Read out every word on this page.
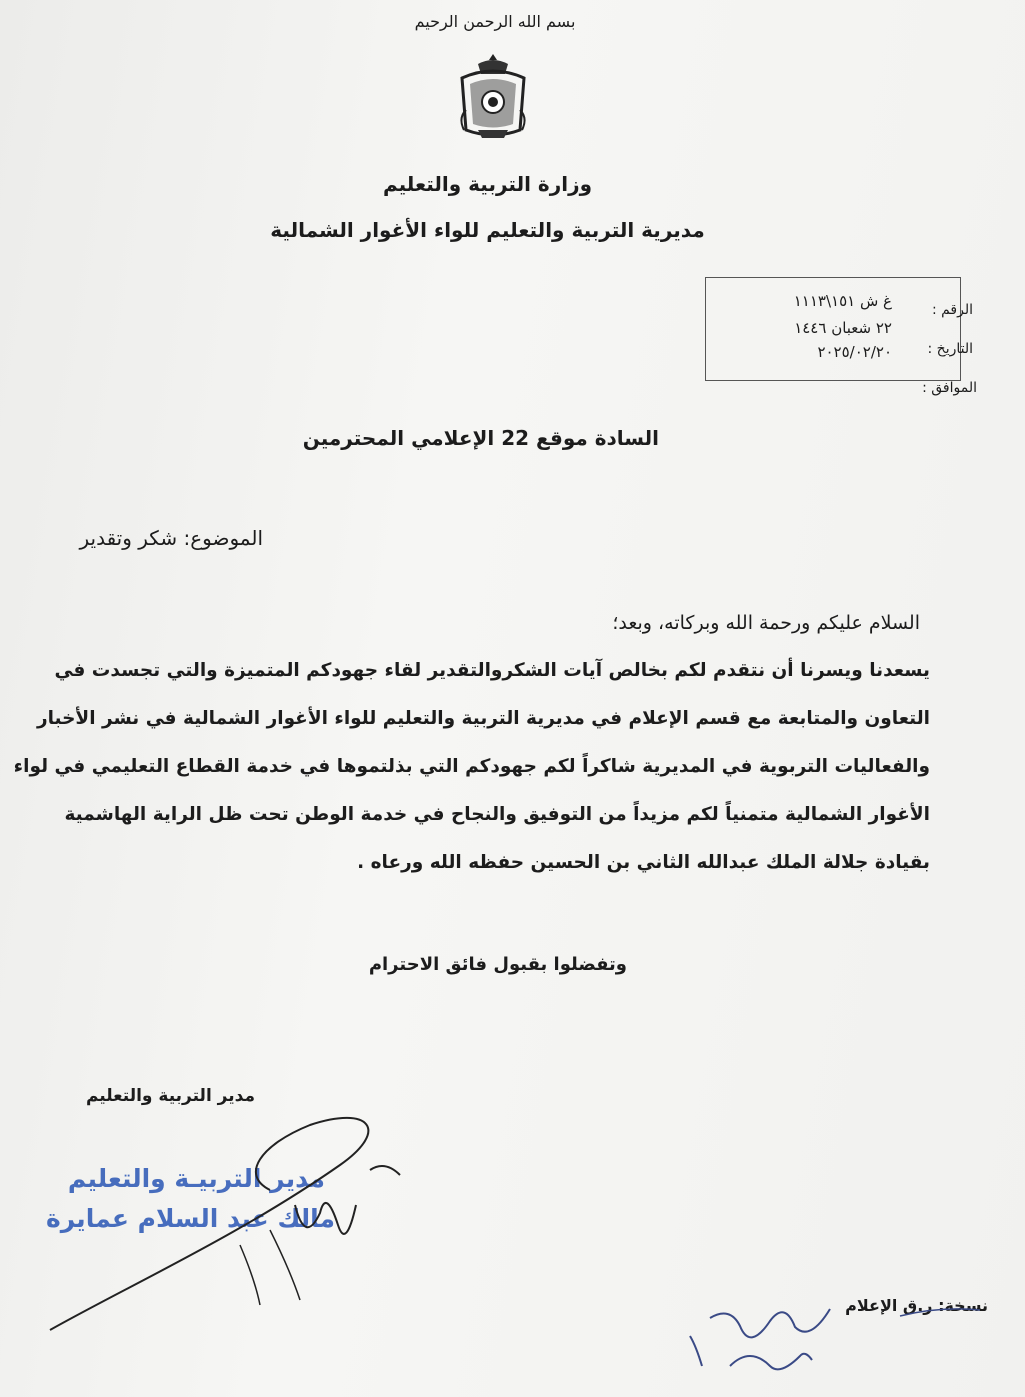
بسم الله الرحمن الرحيم
وزارة التربية والتعليم
مديرية التربية والتعليم للواء الأغوار الشمالية
الرقم :
غ ش ١٥١\١١١٣
٢٢ شعبان ١٤٤٦
التاريخ :
٢٠٢٥/٠٢/٢٠
الموافق :
السادة موقع 22 الإعلامي المحترمين
الموضوع: شكر وتقدير
السلام عليكم ورحمة الله وبركاته، وبعد؛
يسعدنا ويسرنا أن نتقدم لكم بخالص آيات الشكروالتقدير لقاء جهودكم المتميزة والتي تجسدت في
التعاون والمتابعة مع قسم الإعلام في مديرية التربية والتعليم للواء الأغوار الشمالية في نشر الأخبار
والفعاليات التربوية في المديرية شاكراً لكم جهودكم التي بذلتموها في خدمة القطاع التعليمي في لواء
الأغوار الشمالية متمنياً لكم مزيداً من التوفيق والنجاح في خدمة الوطن تحت ظل الراية الهاشمية
بقيادة جلالة الملك عبدالله الثاني بن الحسين حفظه الله ورعاه .
وتفضلوا بقبول فائق الاحترام
مدير التربية والتعليم
مدير التربيـة والتعليم
مالك عبد السلام عمايرة
نسخة: ر.ق الإعلام
